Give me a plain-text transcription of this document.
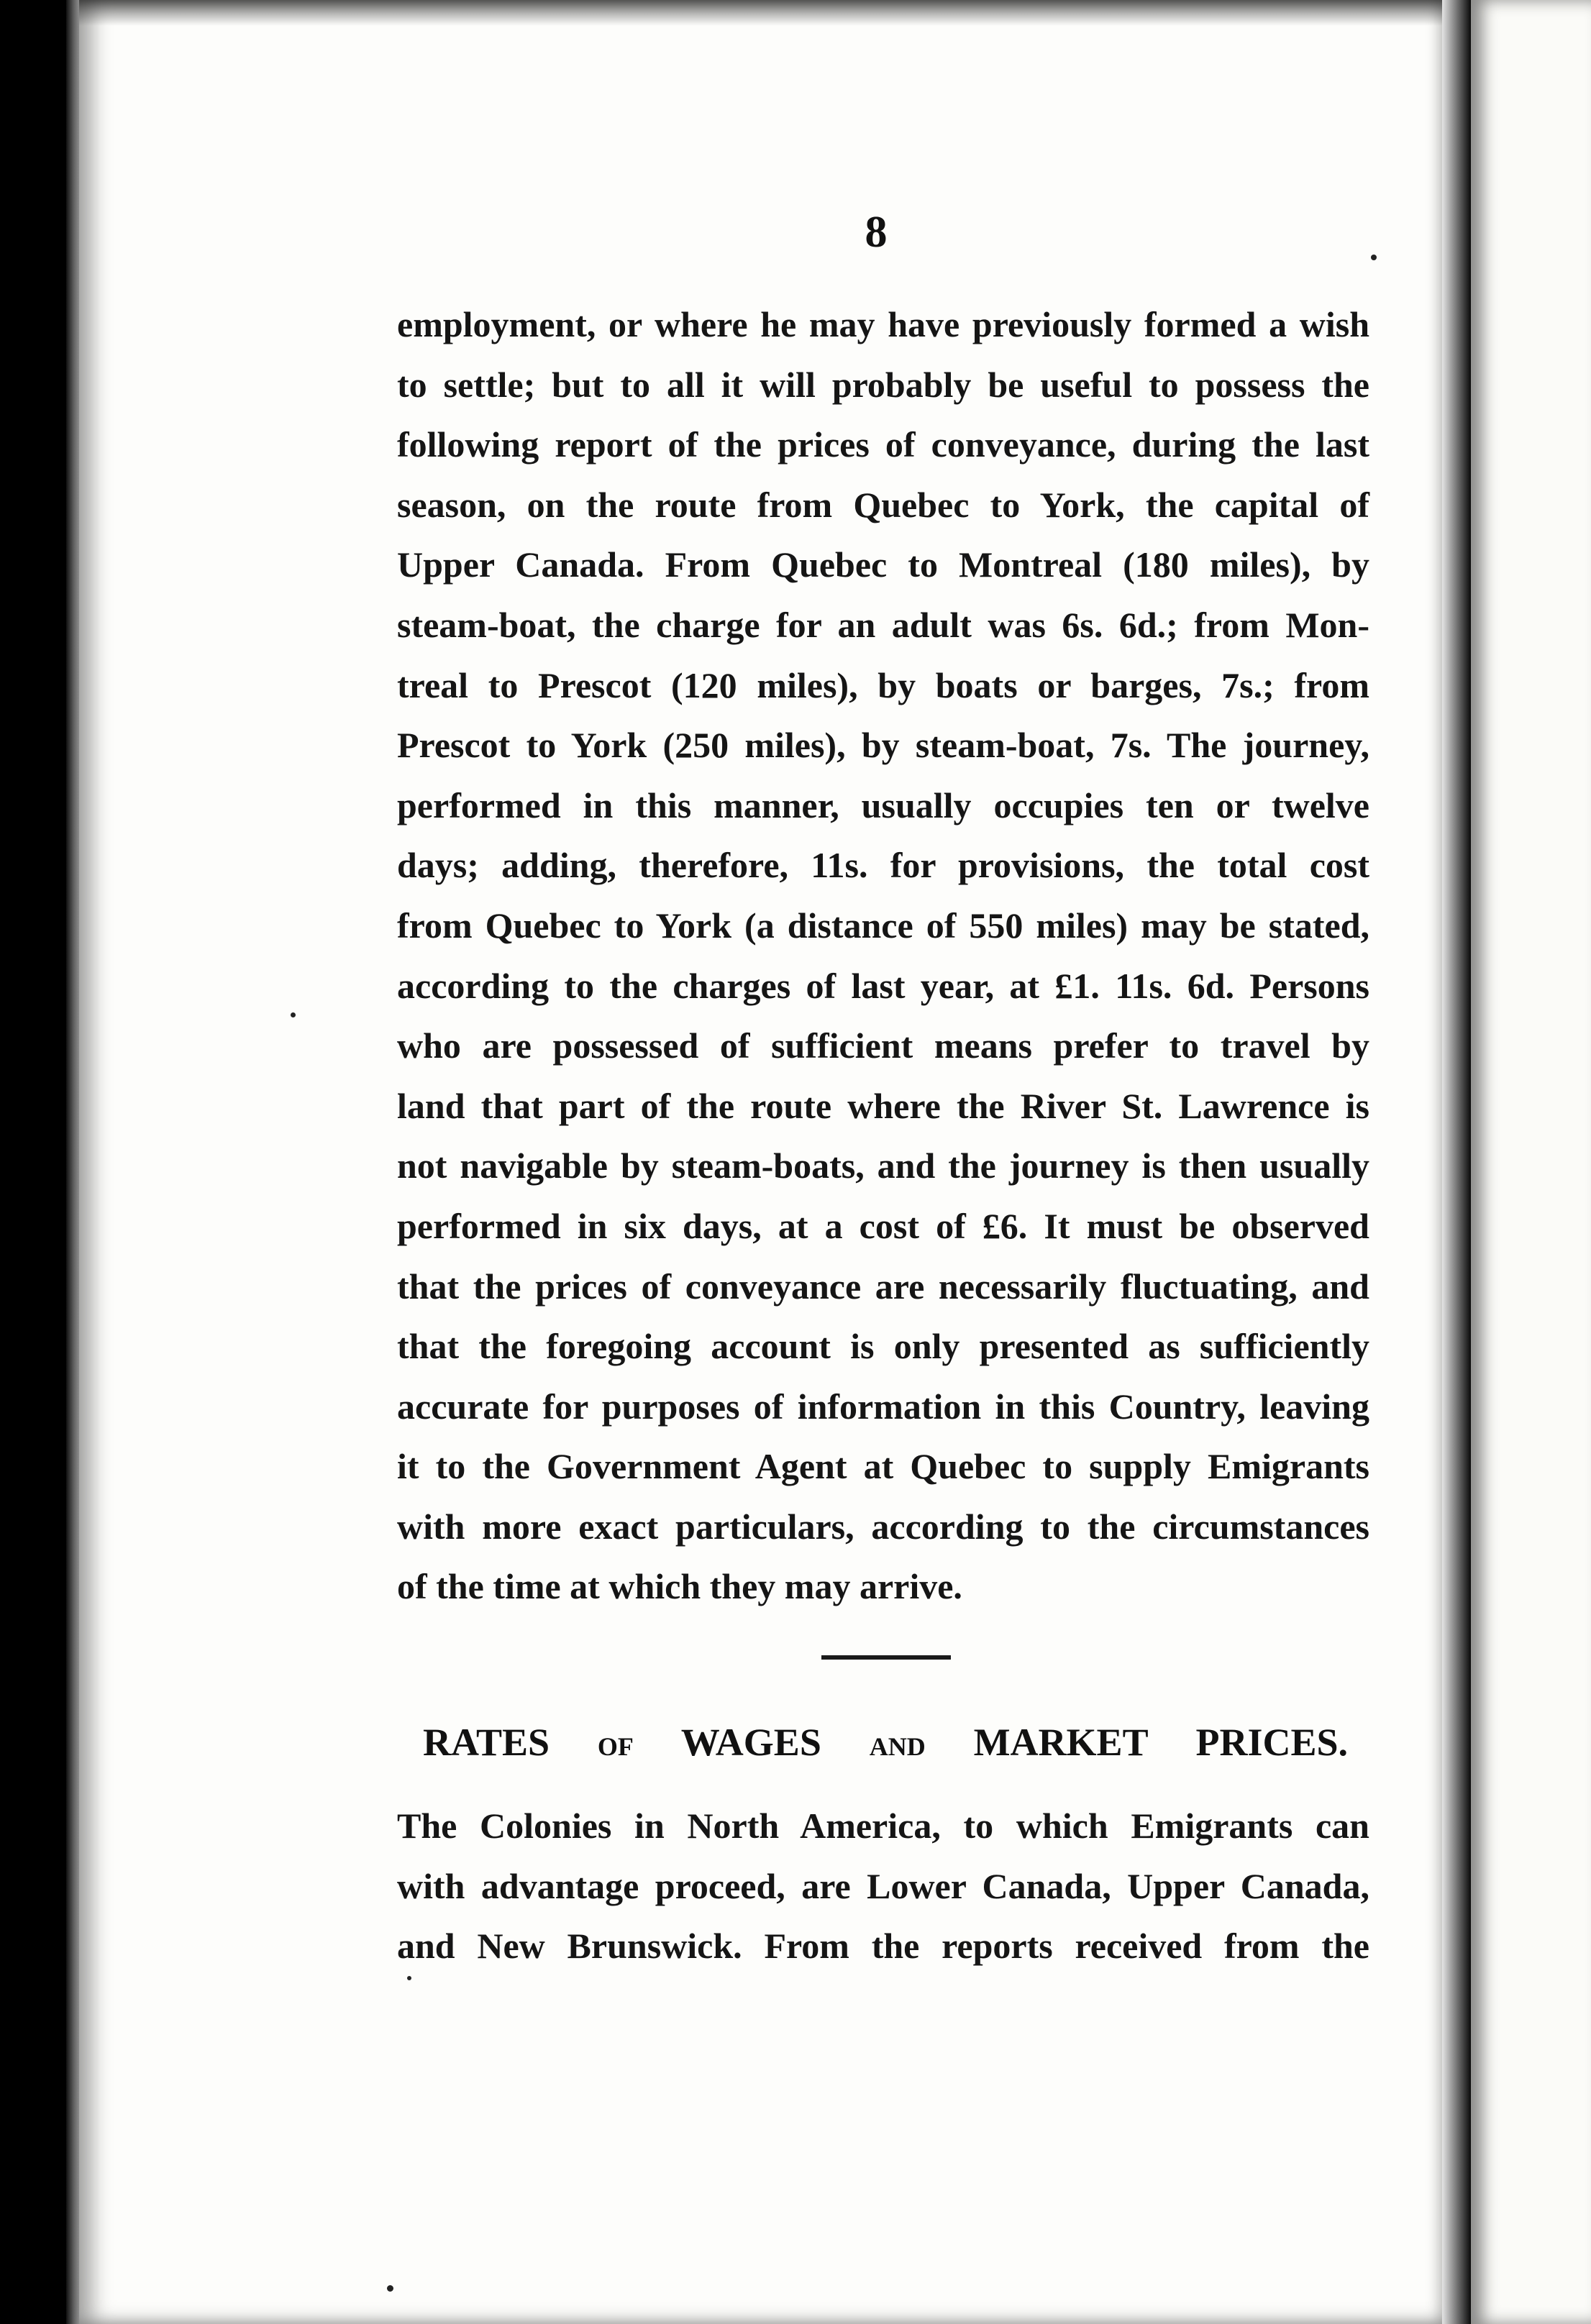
8
employment, or where he may have previously formed a wish
to settle; but to all it will probably be useful to possess the
following report of the prices of conveyance, during the last
season, on the route from Quebec to York, the capital of
Upper Canada. From Quebec to Montreal (180 miles), by
steam-boat, the charge for an adult was 6s. 6d.; from Mon-
treal to Prescot (120 miles), by boats or barges, 7s.; from
Prescot to York (250 miles), by steam-boat, 7s. The journey,
performed in this manner, usually occupies ten or twelve
days; adding, therefore, 11s. for provisions, the total cost
from Quebec to York (a distance of 550 miles) may be stated,
according to the charges of last year, at £1. 11s. 6d. Persons
who are possessed of sufficient means prefer to travel by
land that part of the route where the River St. Lawrence is
not navigable by steam-boats, and the journey is then usually
performed in six days, at a cost of £6. It must be observed
that the prices of conveyance are necessarily fluctuating, and
that the foregoing account is only presented as sufficiently
accurate for purposes of information in this Country, leaving
it to the Government Agent at Quebec to supply Emigrants
with more exact particulars, according to the circumstances
of the time at which they may arrive.
RATES OF WAGES AND MARKET PRICES.
The Colonies in North America, to which Emigrants can
with advantage proceed, are Lower Canada, Upper Canada,
and New Brunswick. From the reports received from the
